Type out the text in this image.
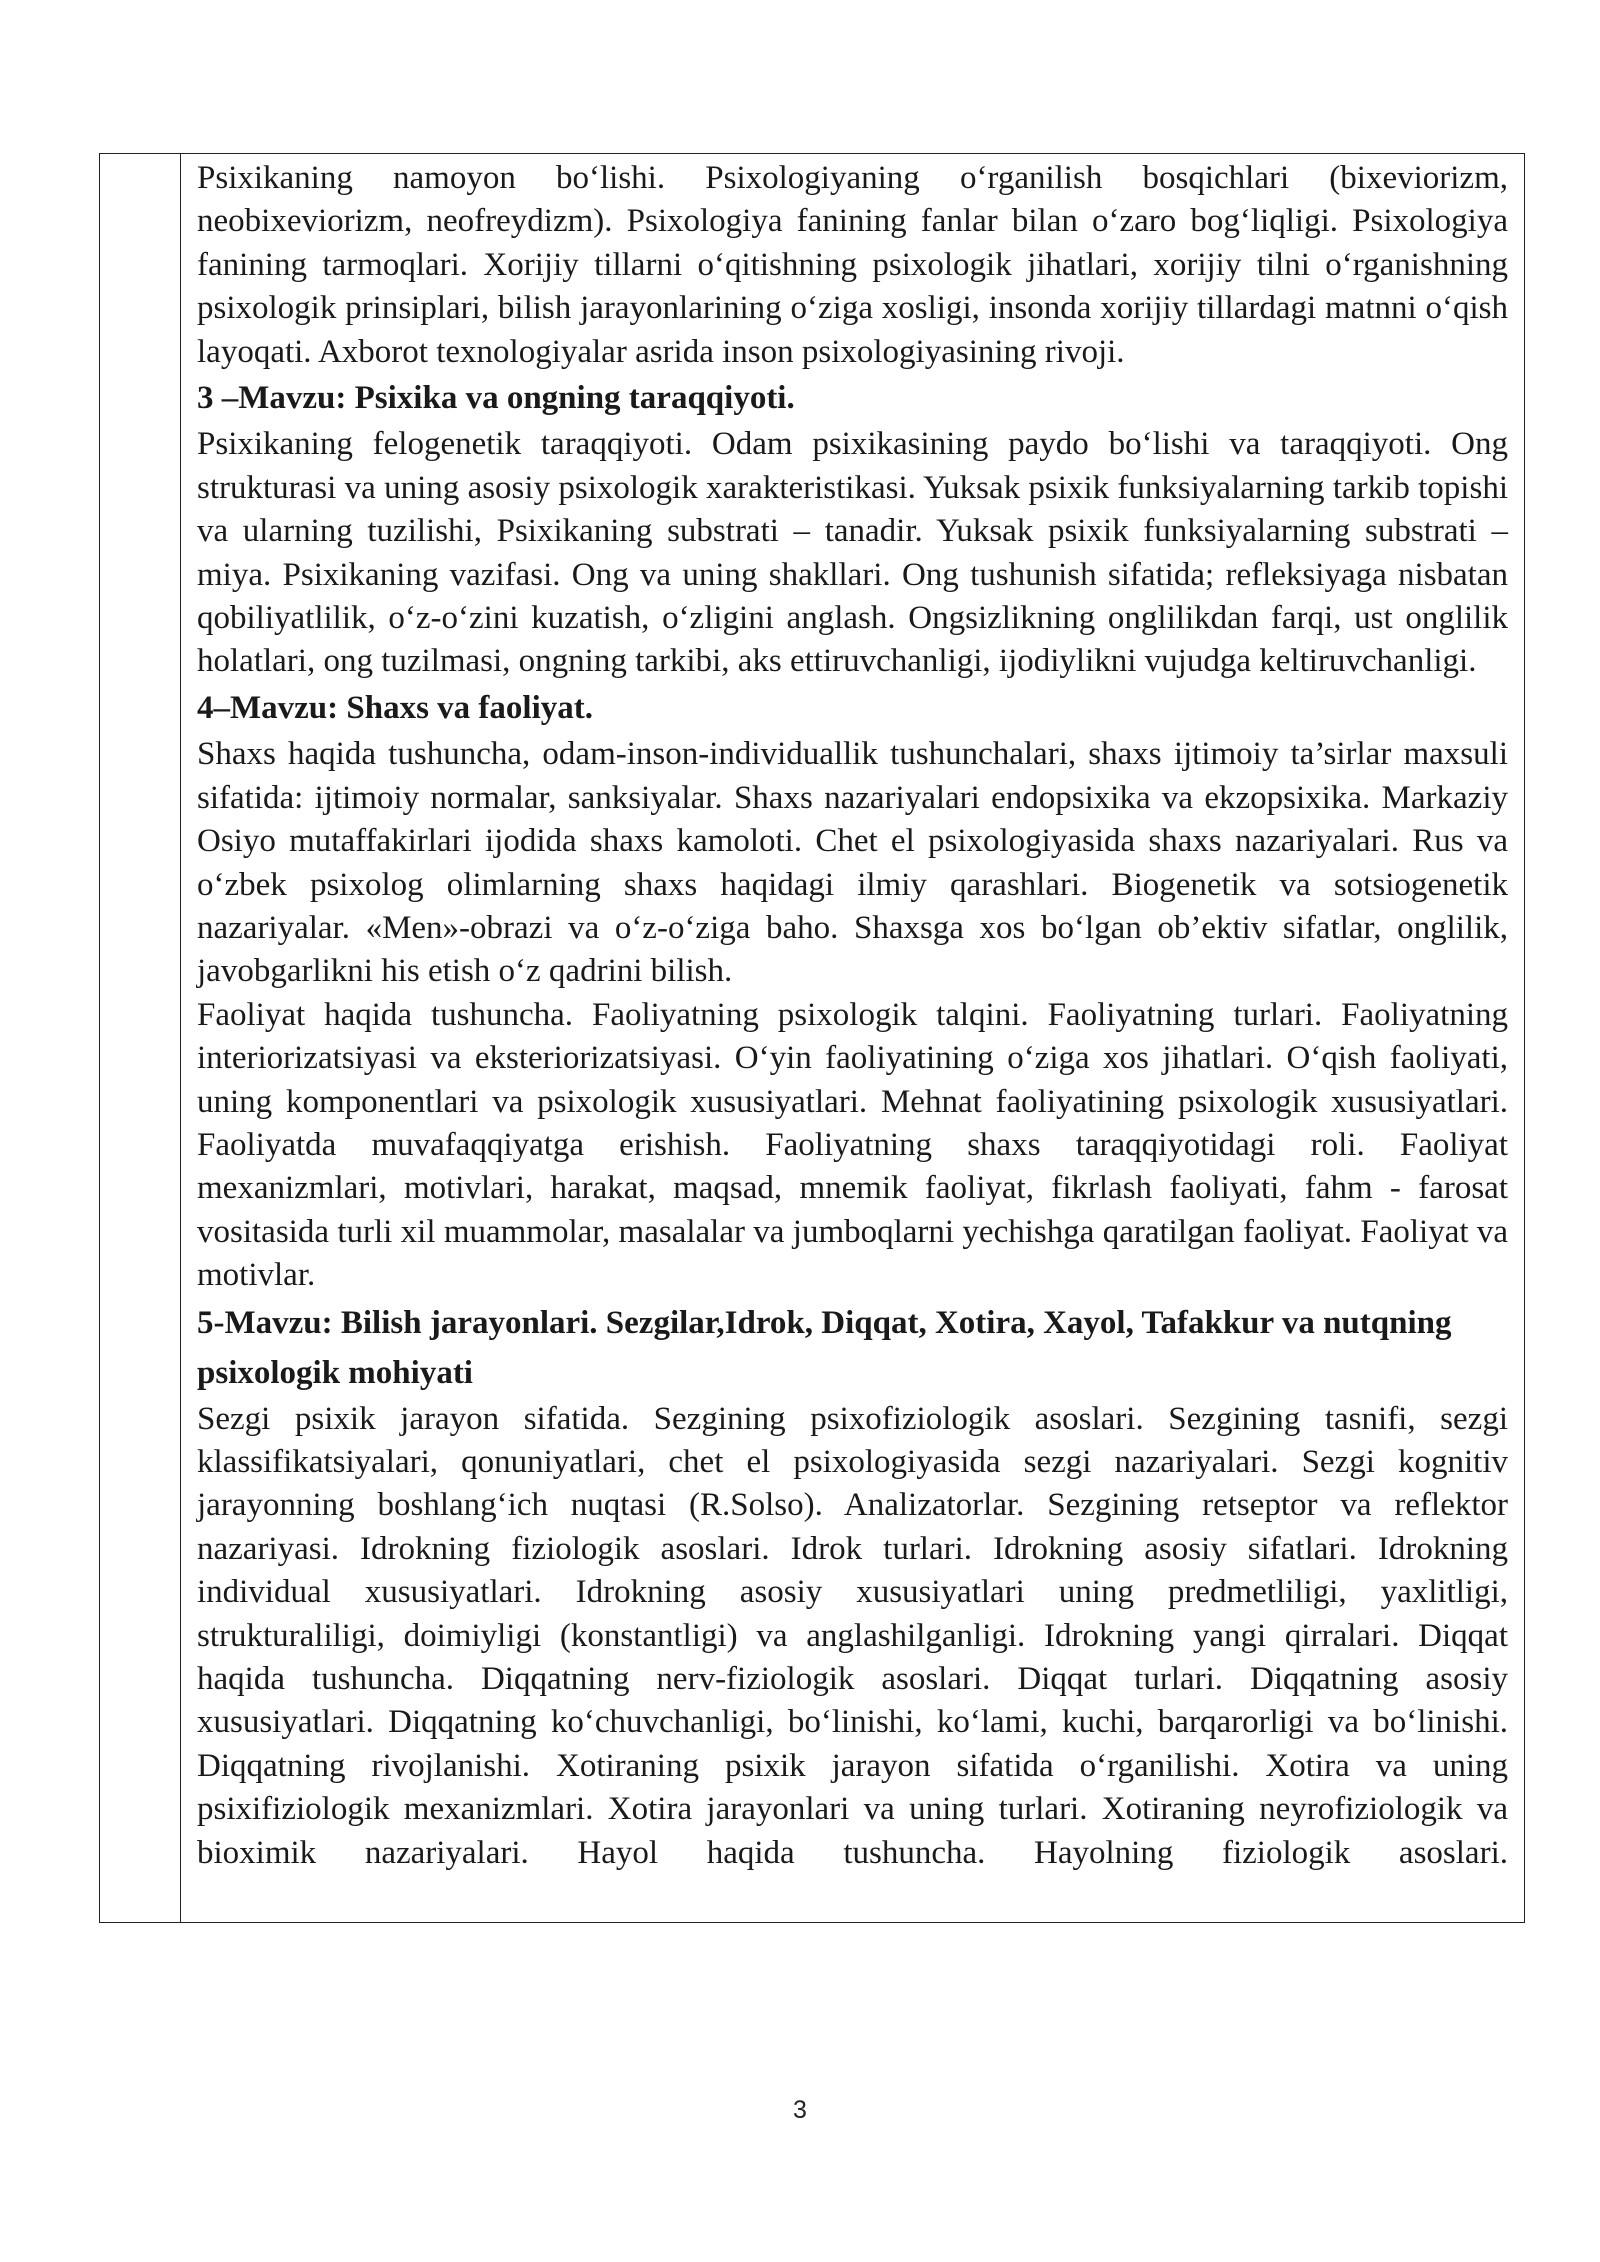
Psixikaning namoyon bo‘lishi. Psixologiyaning o‘rganilish bosqichlari (bixeviorizm, neobixeviorizm, neofreydizm). Psixologiya fanining fanlar bilan o‘zaro bog‘liqligi. Psixologiya fanining tarmoqlari. Xorijiy tillarni o‘qitishning psixologik jihatlari, xorijiy tilni o‘rganishning psixologik prinsiplari, bilish jarayonlarining o‘ziga xosligi, insonda xorijiy tillardagi matnni o‘qish layoqati. Axborot texnologiyalar asrida inson psixologiyasining rivoji.

3 –Mavzu: Psixika va ongning taraqqiyoti.

Psixikaning felogenetik taraqqiyoti. Odam psixikasining paydo bo‘lishi va taraqqiyoti. Ong strukturasi va uning asosiy psixologik xarakteristikasi. Yuksak psixik funksiyalarning tarkib topishi va ularning tuzilishi, Psixikaning substrati – tanadir. Yuksak psixik funksiyalarning substrati – miya. Psixikaning vazifasi. Ong va uning shakllari. Ong tushunish sifatida; refleksiyaga nisbatan qobiliyatlilik, o‘z-o‘zini kuzatish, o‘zligini anglash. Ongsizlikning onglilikdan farqi, ust onglilik holatlari, ong tuzilmasi, ongning tarkibi, aks ettiruvchanligi, ijodiylikni vujudga keltiruvchanligi.

4–Mavzu: Shaxs va faoliyat.

Shaxs haqida tushuncha, odam-inson-individuallik tushunchalari, shaxs ijtimoiy ta’sirlar maxsuli sifatida: ijtimoiy normalar, sanksiyalar. Shaxs nazariyalari endopsixika va ekzopsixika. Markaziy Osiyo mutaffakirlari ijodida shaxs kamoloti. Chet el psixologiyasida shaxs nazariyalari. Rus va o‘zbek psixolog olimlarning shaxs haqidagi ilmiy qarashlari. Biogenetik va sotsiogenetik nazariyalar. «Men»-obrazi va o‘z-o‘ziga baho. Shaxsga xos bo‘lgan ob’ektiv sifatlar, onglilik, javobgarlikni his etish o‘z qadrini bilish.

Faoliyat haqida tushuncha. Faoliyatning psixologik talqini. Faoliyatning turlari. Faoliyatning interiorizatsiyasi va eksteriorizatsiyasi. O‘yin faoliyatining o‘ziga xos jihatlari. O‘qish faoliyati, uning komponentlari va psixologik xususiyatlari. Mehnat faoliyatining psixologik xususiyatlari. Faoliyatda muvafaqqiyatga erishish. Faoliyatning shaxs taraqqiyotidagi roli. Faoliyat mexanizmlari, motivlari, harakat, maqsad, mnemik faoliyat, fikrlash faoliyati, fahm - farosat vositasida turli xil muammolar, masalalar va jumboqlarni yechishga qaratilgan faoliyat. Faoliyat va motivlar.

5-Mavzu: Bilish jarayonlari. Sezgilar,Idrok, Diqqat, Xotira, Xayol, Tafakkur va nutqning psixologik mohiyati

Sezgi psixik jarayon sifatida. Sezgining psixofiziologik asoslari. Sezgining tasnifi, sezgi klassifikatsiyalari, qonuniyatlari, chet el psixologiyasida sezgi nazariyalari. Sezgi kognitiv jarayonning boshlang‘ich nuqtasi (R.Solso). Analizatorlar. Sezgining retseptor va reflektor nazariyasi. Idrokning fiziologik asoslari. Idrok turlari. Idrokning asosiy sifatlari. Idrokning individual xususiyatlari. Idrokning asosiy xususiyatlari uning predmetliligi, yaxlitligi, strukturaliligi, doimiyligi (konstantligi) va anglashilganligi. Idrokning yangi qirralari. Diqqat haqida tushuncha. Diqqatning nerv-fiziologik asoslari. Diqqat turlari. Diqqatning asosiy xususiyatlari. Diqqatning ko‘chuvchanligi, bo‘linishi, ko‘lami, kuchi, barqarorligi va bo‘linishi. Diqqatning rivojlanishi. Xotiraning psixik jarayon sifatida o‘rganilishi. Xotira va uning psixifiziologik mexanizmlari. Xotira jarayonlari va uning turlari. Xotiraning neyrofiziologik va bioximik nazariyalari. Hayol haqida tushuncha. Hayolning fiziologik asoslari.

3
